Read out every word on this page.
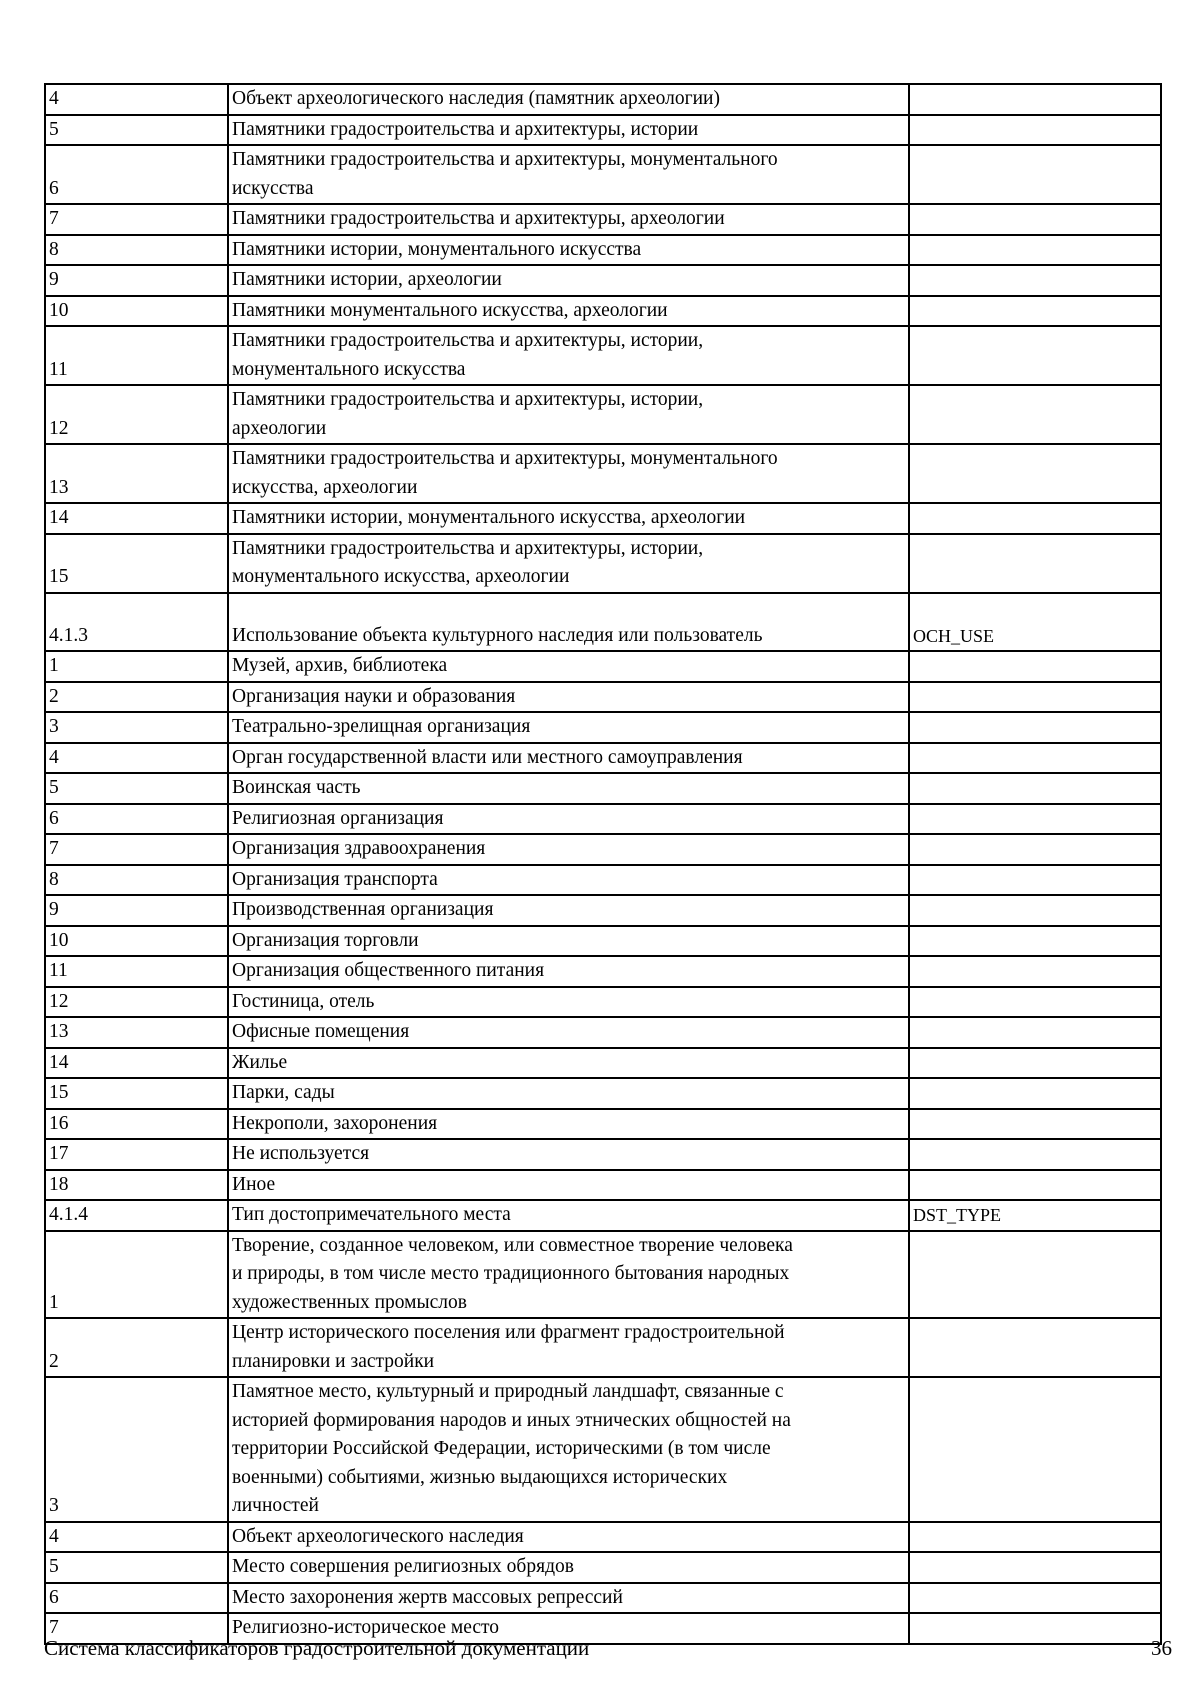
4	Объект археологического наследия (памятник археологии)	
5	Памятники градостроительства и архитектуры, истории	
6	Памятники градостроительства и архитектуры, монументального
искусства	
7	Памятники градостроительства и архитектуры, археологии	
8	Памятники истории, монументального искусства	
9	Памятники истории, археологии	
10	Памятники монументального искусства, археологии	
11	Памятники градостроительства и архитектуры, истории,
монументального искусства	
12	Памятники градостроительства и архитектуры, истории,
археологии	
13	Памятники градостроительства и архитектуры, монументального
искусства, археологии	
14	Памятники истории, монументального искусства, археологии	
15	Памятники градостроительства и архитектуры, истории,
монументального искусства, археологии	
4.1.3	Использование объекта культурного наследия или пользователь	OCH_USE
1	Музей, архив, библиотека	
2	Организация науки и образования	
3	Театрально-зрелищная организация	
4	Орган государственной власти или местного самоуправления	
5	Воинская часть	
6	Религиозная организация	
7	Организация здравоохранения	
8	Организация транспорта	
9	Производственная организация	
10	Организация торговли	
11	Организация общественного питания	
12	Гостиница, отель	
13	Офисные помещения	
14	Жилье	
15	Парки, сады	
16	Некрополи, захоронения	
17	Не используется	
18	Иное	
4.1.4	Тип достопримечательного места	DST_TYPE
1	Творение, созданное человеком, или совместное творение человека
и природы, в том числе место традиционного бытования народных
художественных промыслов	
2	Центр исторического поселения или фрагмент градостроительной
планировки и застройки	
3	Памятное место, культурный и природный ландшафт, связанные с
историей формирования народов и иных этнических общностей на
территории Российской Федерации, историческими (в том числе
военными) событиями, жизнью выдающихся исторических
личностей	
4	Объект археологического наследия	
5	Место совершения религиозных обрядов	
6	Место захоронения жертв массовых репрессий	
7	Религиозно-историческое место	
Система классификаторов градостроительной документации	36
